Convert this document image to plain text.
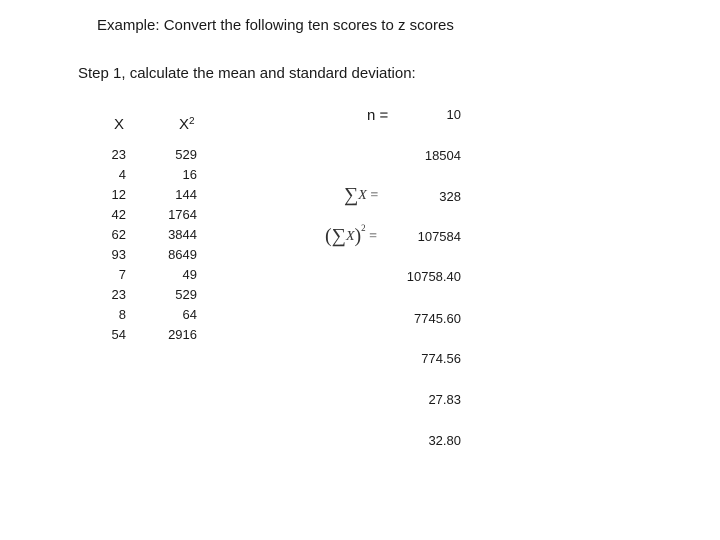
Example: Convert the following ten scores to z scores
Step 1, calculate the mean and standard deviation:
X	$X^2$
23
4
12
42
62
93
7
23
8
54
529
16
144
1764
3844
8649
49
529
64
2916
n =
∑X =
$(\sum X)^2$ =
10
18504
328
107584
10758.40
7745.60
774.56
27.83
32.80
